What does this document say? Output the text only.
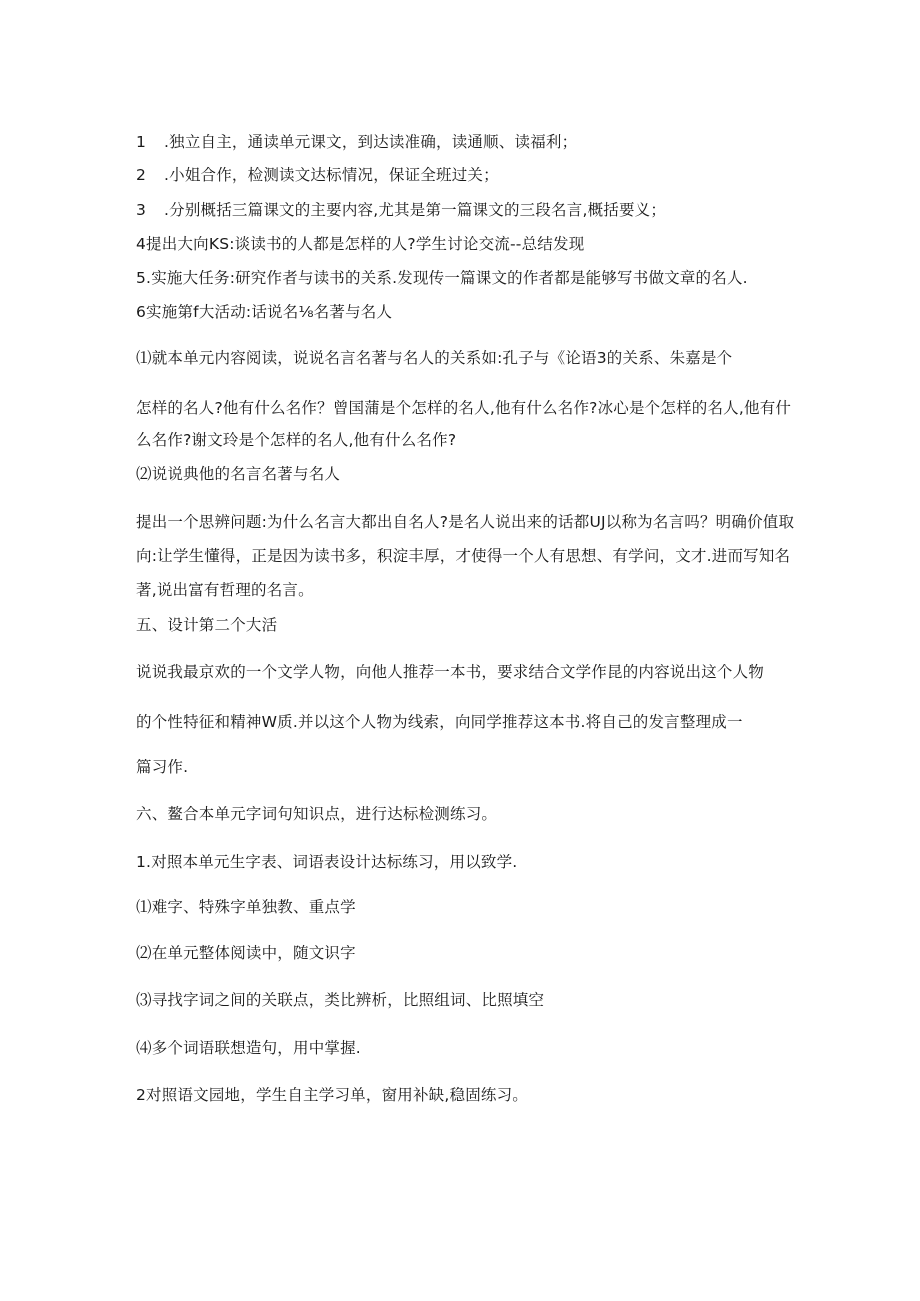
1 .独立自主，通读单元课文，到达读准确，读通顺、读福利；
2 .小姐合作，检测读文达标情况，保证全班过关；
3 .分别概括三篇课文的主要内容,尤其是第一篇课文的三段名言,概括要义；
4提出大向KS:谈读书的人都是怎样的人?学生讨论交流--总结发现
5.实施大任务:研究作者与读书的关系.发现传一篇课文的作者都是能够写书做文章的名人.
6实施第f大活动:话说名⅛名著与名人
⑴就本单元内容阅读，说说名言名著与名人的关系如:孔子与《论语3的关系、朱嘉是个
怎样的名人?他有什么名作？曾国蒲是个怎样的名人,他有什么名作?冰心是个怎样的名人,他有什
么名作?谢文玲是个怎样的名人,他有什么名作?
⑵说说典他的名言名著与名人
提出一个思辨问题:为什么名言大都出自名人?是名人说出来的话都UJ以称为名言吗？明确价值取
向:让学生懂得，正是因为读书多，积淀丰厚，才使得一个人有思想、有学问，文才.进而写知名
著,说出富有哲理的名言。
五、设计第二个大活
说说我最京欢的一个文学人物，向他人推荐一本书，要求结合文学作昆的内容说出这个人物
的个性特征和精神W质.并以这个人物为线索，向同学推荐这本书.将自己的发言整理成一
篇习作.
六、鳌合本单元字词句知识点，进行达标检测练习。
1.对照本单元生字表、词语表设计达标练习，用以致学.
⑴难字、特殊字单独教、重点学
⑵在单元整体阅读中，随文识字
⑶寻找字词之间的关联点，类比辨析，比照组词、比照填空
⑷多个词语联想造句，用中掌握.
2对照语文园地，学生自主学习单，窗用补缺,稳固练习。
